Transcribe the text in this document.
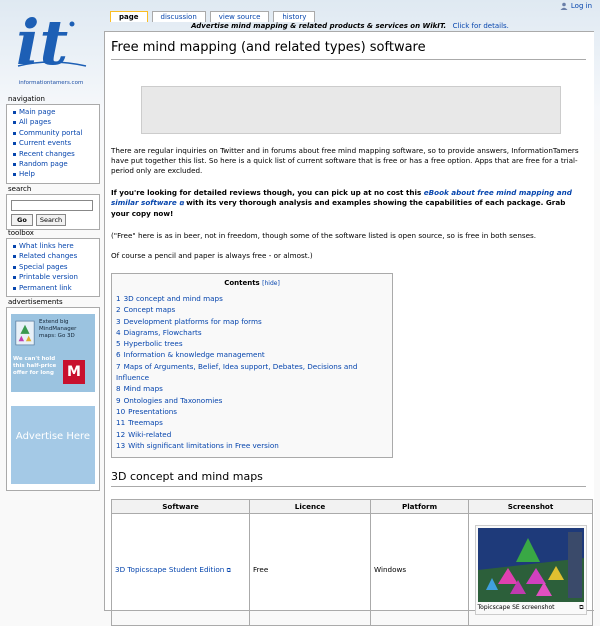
it
informationtamers.com
Log in
page	discussion	view source	history
Advertise mind mapping & related products & services on WikIT. Click for details.
Free mind mapping (and related types) software

There are regular inquiries on Twitter and in forums about free mind mapping software, so to provide answers, InformationTamers have put together this list. So here is a quick list of current software that is free or has a free option. Apps that are free for a trial-period only are excluded.

If you're looking for detailed reviews though, you can pick up at no cost this eBook about free mind mapping and similar software ⧉ with its very thorough analysis and examples showing the capabilities of each package. Grab your copy now!

("Free" here is as in beer, not in freedom, though some of the software listed is open source, so is free in both senses.

Of course a pencil and paper is always free - or almost.)

Contents [hide]
1 3D concept and mind maps
2 Concept maps
3 Development platforms for map forms
4 Diagrams, Flowcharts
5 Hyperbolic trees
6 Information & knowledge management
7 Maps of Arguments, Belief, Idea support, Debates, Decisions and Influence
8 Mind maps
9 Ontologies and Taxonomies
10 Presentations
11 Treemaps
12 Wiki-related
13 With significant limitations in Free version
3D concept and mind maps
Software	Licence	Platform	Screenshot
3D Topicscape Student Edition ⧉	Free	Windows	Topicscape SE screenshot ⧉
navigation
Main page
All pages
Community portal
Current events
Recent changes
Random page
Help
search
Go Search
toolbox
What links here
Related changes
Special pages
Printable version
Permanent link
advertisements
Extend big MindManager maps: Go 3D
We can't hold this half-price offer for long M
Advertise Here
